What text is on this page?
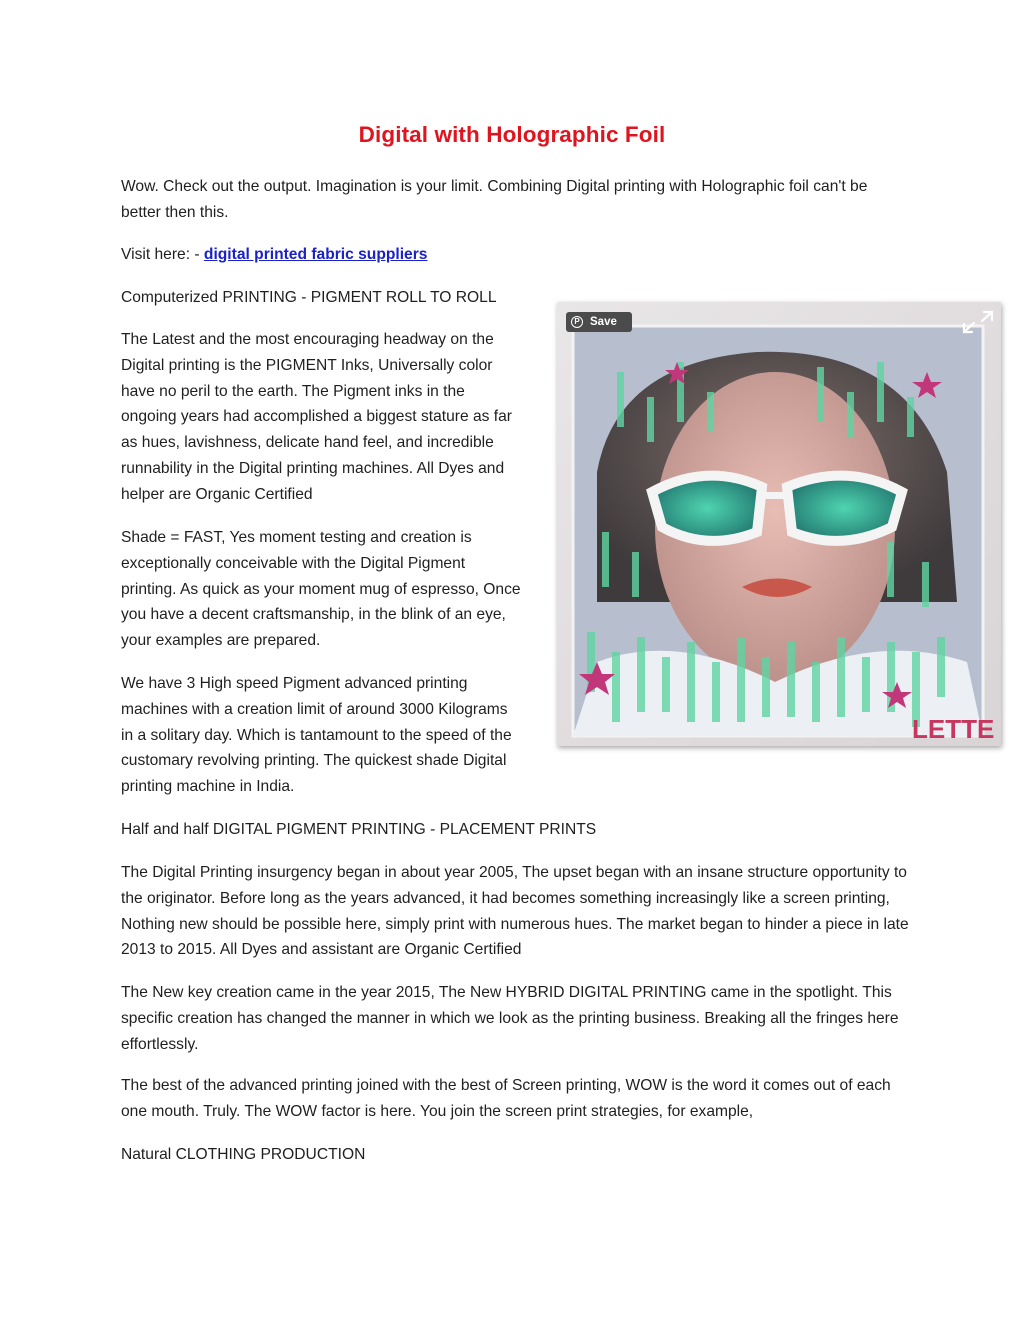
Digital with Holographic Foil

Wow. Check out the output. Imagination is your limit. Combining Digital printing with Holographic foil can't be better then this.

Visit here: - digital printed fabric suppliers

Computerized PRINTING - PIGMENT ROLL TO ROLL

The Latest and the most encouraging headway on the Digital printing is the PIGMENT Inks, Universally color have no peril to the earth. The Pigment inks in the ongoing years had accomplished a biggest stature as far as hues, lavishness, delicate hand feel, and incredible runnability in the Digital printing machines. All Dyes and helper are Organic Certified

Shade = FAST, Yes moment testing and creation is exceptionally conceivable with the Digital Pigment printing. As quick as your moment mug of espresso, Once you have a decent craftsmanship, in the blink of an eye, your examples are prepared.

We have 3 High speed Pigment advanced printing machines with a creation limit of around 3000 Kilograms in a solitary day. Which is tantamount to the speed of the customary revolving printing. The quickest shade Digital printing machine in India.

Half and half DIGITAL PIGMENT PRINTING - PLACEMENT PRINTS

The Digital Printing insurgency began in about year 2005, The upset began with an insane structure opportunity to the originator. Before long as the years advanced, it had becomes something increasingly like a screen printing, Nothing new should be possible here, simply print with numerous hues. The market began to hinder a piece in late 2013 to 2015. All Dyes and assistant are Organic Certified

The New key creation came in the year 2015, The New HYBRID DIGITAL PRINTING came in the spotlight. This specific creation has changed the manner in which we look as the printing business. Breaking all the fringes here effortlessly.

The best of the advanced printing joined with the best of Screen printing, WOW is the word it comes out of each one mouth. Truly. The WOW factor is here. You join the screen print strategies, for example,

Natural CLOTHING PRODUCTION

LETTE
P Save
